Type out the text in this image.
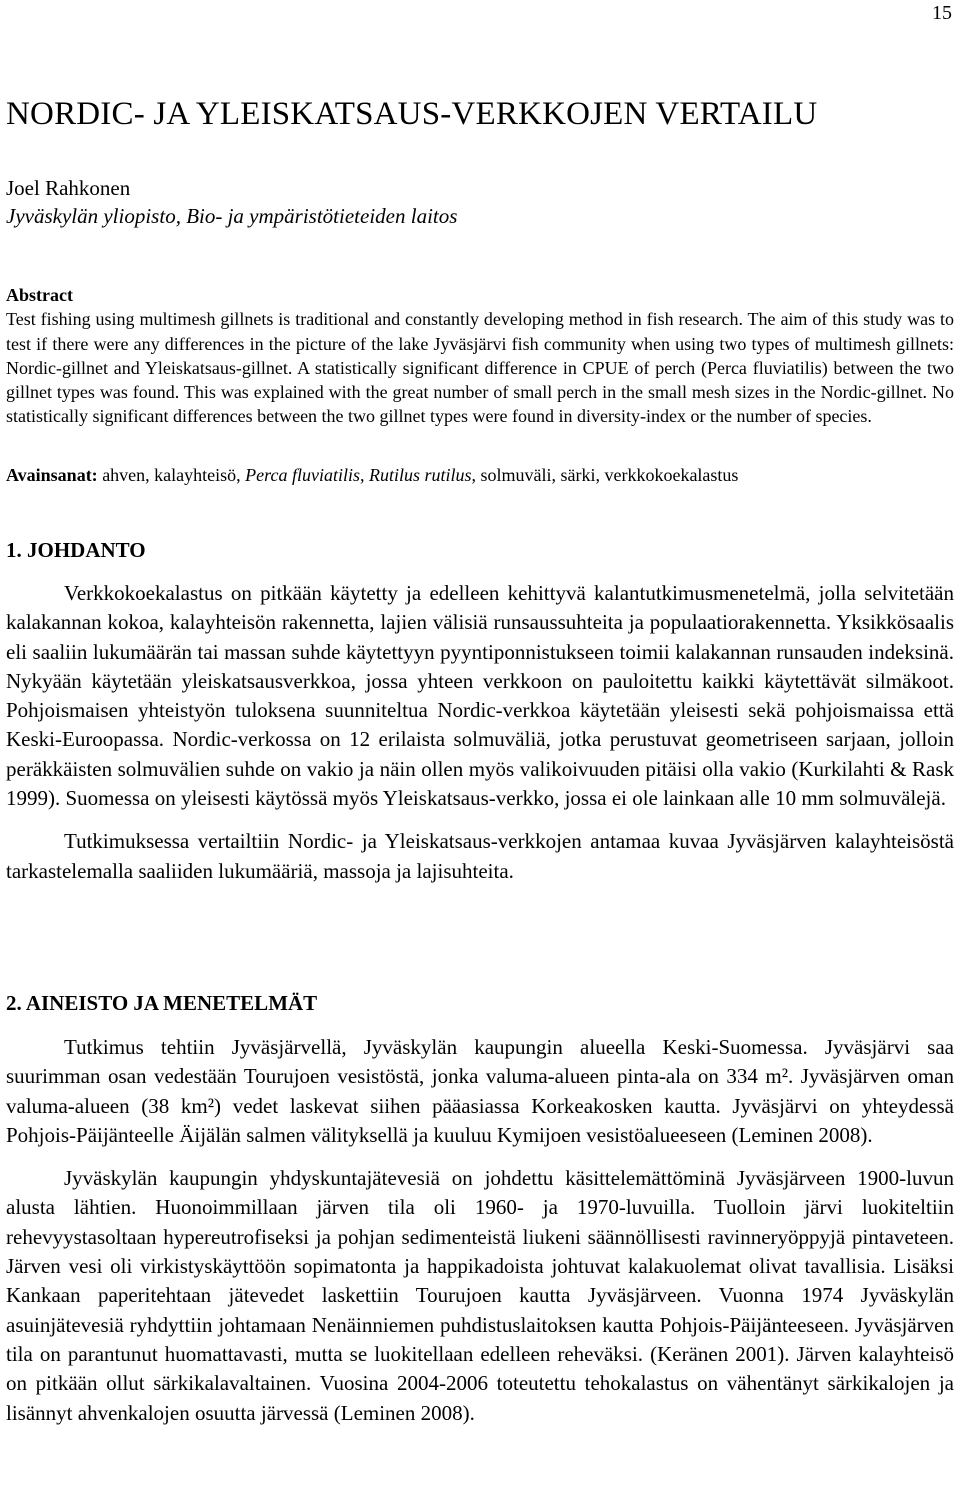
15
NORDIC- JA YLEISKATSAUS-VERKKOJEN VERTAILU
Joel Rahkonen
Jyväskylän yliopisto, Bio- ja ympäristötieteiden laitos

Abstract

Test fishing using multimesh gillnets is traditional and constantly developing method in fish research. The aim of this study was to test if there were any differences in the picture of the lake Jyväsjärvi fish community when using two types of multimesh gillnets: Nordic-gillnet and Yleiskatsaus-gillnet. A statistically significant difference in CPUE of perch (Perca fluviatilis) between the two gillnet types was found. This was explained with the great number of small perch in the small mesh sizes in the Nordic-gillnet. No statistically significant differences between the two gillnet types were found in diversity-index or the number of species.

Avainsanat: ahven, kalayhteisö, Perca fluviatilis, Rutilus rutilus, solmuväli, särki, verkkokoekalastus
1. JOHDANTO

Verkkokoekalastus on pitkään käytetty ja edelleen kehittyvä kalantutkimusmenetelmä, jolla selvitetään kalakannan kokoa, kalayhteisön rakennetta, lajien välisiä runsaussuhteita ja populaatiorakennetta. Yksikkösaalis eli saaliin lukumäärän tai massan suhde käytettyyn pyyntiponnistukseen toimii kalakannan runsauden indeksinä. Nykyään käytetään yleiskatsausverkkoa, jossa yhteen verkkoon on pauloitettu kaikki käytettävät silmäkoot. Pohjoismaisen yhteistyön tuloksena suunniteltua Nordic-verkkoa käytetään yleisesti sekä pohjoismaissa että Keski-Euroopassa. Nordic-verkossa on 12 erilaista solmuväliä, jotka perustuvat geometriseen sarjaan, jolloin peräkkäisten solmuvälien suhde on vakio ja näin ollen myös valikoivuuden pitäisi olla vakio (Kurkilahti & Rask 1999). Suomessa on yleisesti käytössä myös Yleiskatsaus-verkko, jossa ei ole lainkaan alle 10 mm solmuvälejä.

Tutkimuksessa vertailtiin Nordic- ja Yleiskatsaus-verkkojen antamaa kuvaa Jyväsjärven kalayhteisöstä tarkastelemalla saaliiden lukumääriä, massoja ja lajisuhteita.

2. AINEISTO JA MENETELMÄT

Tutkimus tehtiin Jyväsjärvellä, Jyväskylän kaupungin alueella Keski-Suomessa. Jyväsjärvi saa suurimman osan vedestään Tourujoen vesistöstä, jonka valuma-alueen pinta-ala on 334 m². Jyväsjärven oman valuma-alueen (38 km²) vedet laskevat siihen pääasiassa Korkeakosken kautta. Jyväsjärvi on yhteydessä Pohjois-Päijänteelle Äijälän salmen välityksellä ja kuuluu Kymijoen vesistöalueeseen (Leminen 2008).

Jyväskylän kaupungin yhdyskuntajätevesiä on johdettu käsittelemättöminä Jyväsjärveen 1900-luvun alusta lähtien. Huonoimmillaan järven tila oli 1960- ja 1970-luvuilla. Tuolloin järvi luokiteltiin rehevyystasoltaan hypereutrofiseksi ja pohjan sedimenteistä liukeni säännöllisesti ravinneryöppyjä pintaveteen. Järven vesi oli virkistyskäyttöön sopimatonta ja happikadoista johtuvat kalakuolemat olivat tavallisia. Lisäksi Kankaan paperitehtaan jätevedet laskettiin Tourujoen kautta Jyväsjärveen. Vuonna 1974 Jyväskylän asuinjätevesiä ryhdyttiin johtamaan Nenäinniemen puhdistuslaitoksen kautta Pohjois-Päijänteeseen. Jyväsjärven tila on parantunut huomattavasti, mutta se luokitellaan edelleen reheväksi. (Keränen 2001). Järven kalayhteisö on pitkään ollut särkikalavaltainen. Vuosina 2004-2006 toteutettu tehokalastus on vähentänyt särkikalojen ja lisännyt ahvenkalojen osuutta järvessä (Leminen 2008).
